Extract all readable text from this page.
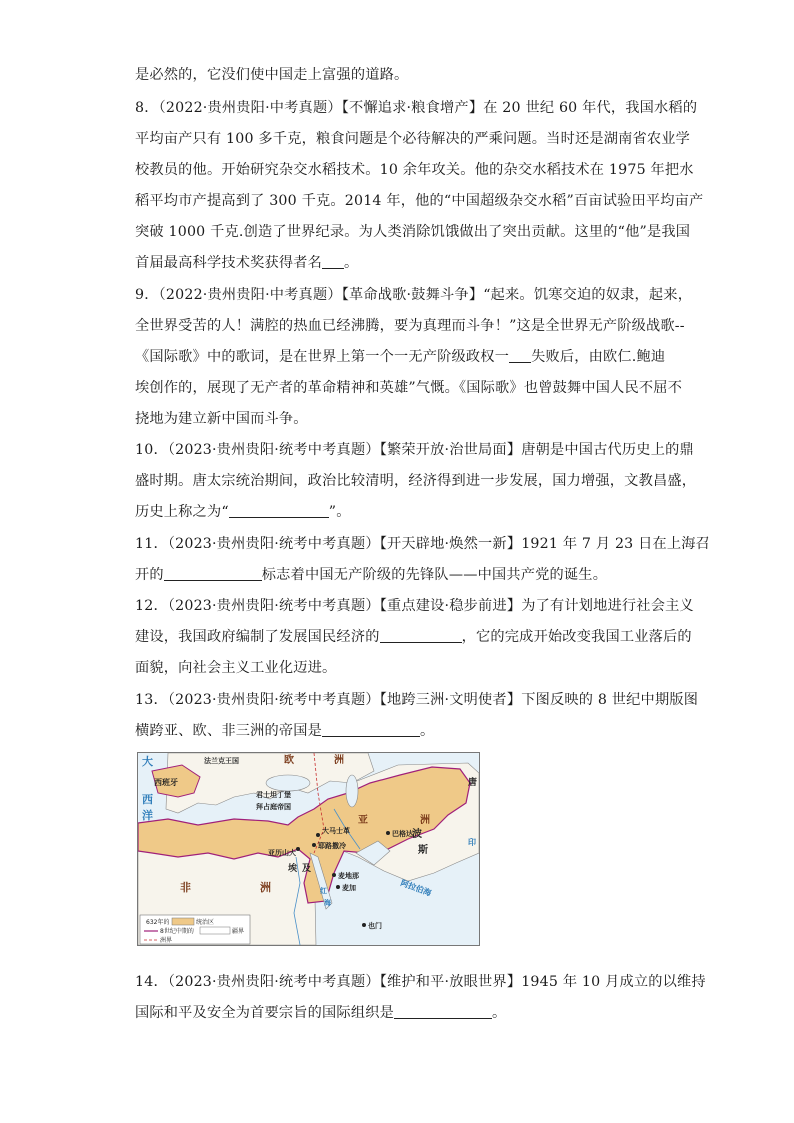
是必然的，它没们使中国走上富强的道路。
8．（2022·贵州贵阳·中考真题）【不懈追求·粮食增产】在 20 世纪 60 年代，我国水稻的
平均亩产只有 100 多千克，粮食问题是个必待解决的严乘问题。当时还是湖南省农业学
校教员的他。开始研究杂交水稻技术。10 余年攻关。他的杂交水稻技术在 1975 年把水
稻平均市产提高到了 300 千克。2014 年，他的“中国超级杂交水稻”百亩试验田平均亩产
突破 1000 千克.创造了世界纪录。为人类消除饥饿做出了突出贡献。这里的“他”是我国
首届最高科学技术奖获得者名 。
9．（2022·贵州贵阳·中考真题）【革命战歌·鼓舞斗争】“起来。饥寒交迫的奴隶，起来，
全世界受苦的人！满腔的热血已经沸腾，要为真理而斗争！”这是全世界无产阶级战歌--
《国际歌》中的歌词，是在世界上第一个一无产阶级政权一 失败后，由欧仁.鲍迪
埃创作的，展现了无产者的革命精神和英雄”气慨。《国际歌》也曾鼓舞中国人民不屈不
挠地为建立新中国而斗争。
10．（2023·贵州贵阳·统考中考真题）【繁荣开放·治世局面】唐朝是中国古代历史上的鼎
盛时期。唐太宗统治期间，政治比较清明，经济得到进一步发展，国力增强，文教昌盛，
历史上称之为“	”。
11．（2023·贵州贵阳·统考中考真题）【开天辟地·焕然一新】1921 年 7 月 23 日在上海召
开的	标志着中国无产阶级的先锋队——中国共产党的诞生。
12．（2023·贵州贵阳·统考中考真题）【重点建设·稳步前进】为了有计划地进行社会主义
建设，我国政府编制了发展国民经济的	，它的完成开始改变我国工业落后的
面貌，向社会主义工业化迈进。
13．（2023·贵州贵阳·统考中考真题）【地跨三洲·文明使者】下图反映的 8 世纪中期版图
横跨亚、欧、非三洲的帝国是	。
大
西
洋
法兰克王国	欧	洲
西班牙
君士坦丁堡
拜占庭帝国
亚	洲
波
斯
唐
印
大马士革	巴格达
亚历山大
耶路撒冷
埃 及
麦地那
麦加
也门
非	洲	阿拉伯海
红
海
632年的	统治区
8世纪中期的	疆界
洲界
14．（2023·贵州贵阳·统考中考真题）【维护和平·放眼世界】1945 年 10 月成立的以维持
国际和平及安全为首要宗旨的国际组织是	。
